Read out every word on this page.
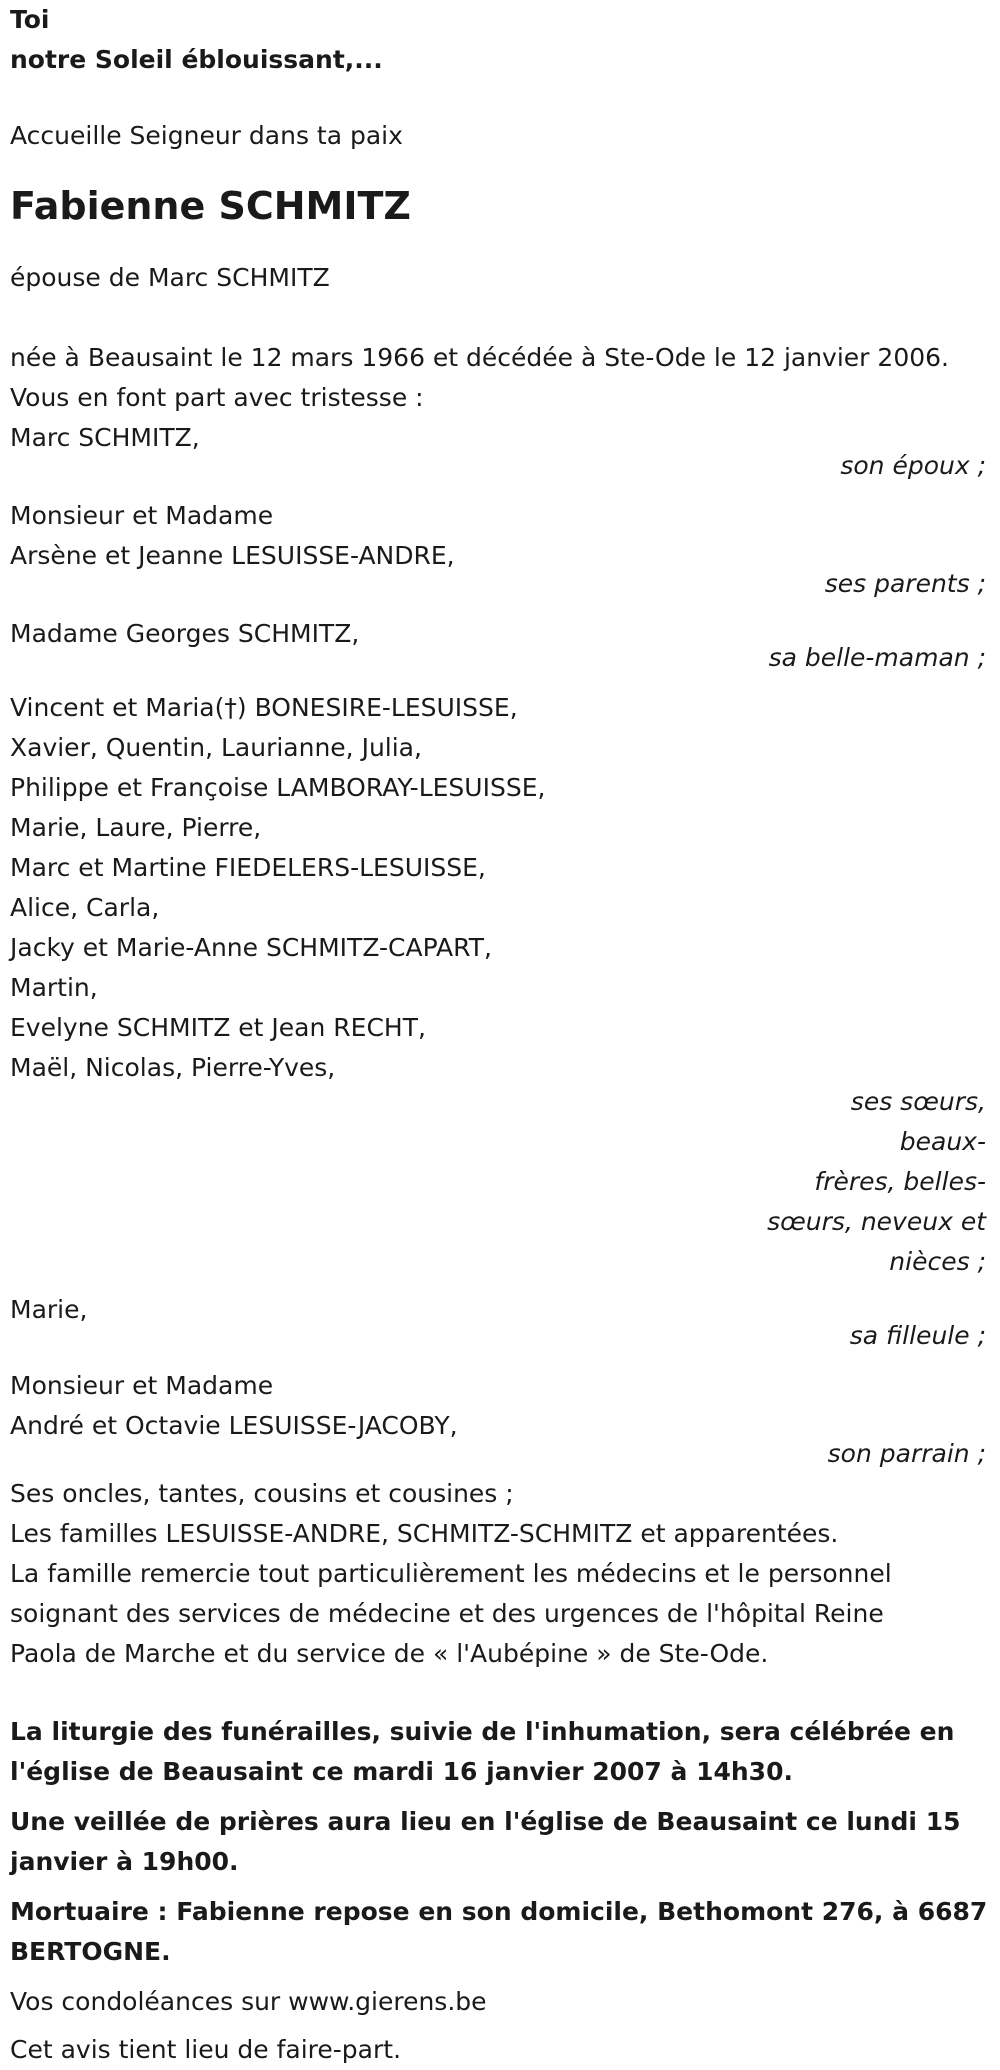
Toi

notre Soleil éblouissant,...

Accueille Seigneur dans ta paix

Fabienne SCHMITZ

épouse de Marc SCHMITZ

née à Beausaint le 12 mars 1966 et décédée à Ste-Ode le 12 janvier 2006.

Vous en font part avec tristesse :

Marc SCHMITZ,

son époux ;

Monsieur et Madame

Arsène et Jeanne LESUISSE-ANDRE,

ses parents ;

Madame Georges SCHMITZ,

sa belle-maman ;

Vincent et Maria(†) BONESIRE-LESUISSE,

Xavier, Quentin, Laurianne, Julia,

Philippe et Françoise LAMBORAY-LESUISSE,

Marie, Laure, Pierre,

Marc et Martine FIEDELERS-LESUISSE,

Alice, Carla,

Jacky et Marie-Anne SCHMITZ-CAPART,

Martin,

Evelyne SCHMITZ et Jean RECHT,

Maël, Nicolas, Pierre-Yves,

ses sœurs, beaux-

frères, belles-

sœurs, neveux et

nièces ;

Marie,

sa filleule ;

Monsieur et Madame

André et Octavie LESUISSE-JACOBY,

son parrain ;

Ses oncles, tantes, cousins et cousines ;

Les familles LESUISSE-ANDRE, SCHMITZ-SCHMITZ et apparentées.

La famille remercie tout particulièrement les médecins et le personnel

soignant des services de médecine et des urgences de l'hôpital Reine

Paola de Marche et du service de « l'Aubépine » de Ste-Ode.

La liturgie des funérailles, suivie de l'inhumation, sera célébrée en

l'église de Beausaint ce mardi 16 janvier 2007 à 14h30.

Une veillée de prières aura lieu en l'église de Beausaint ce lundi 15

janvier à 19h00.

Mortuaire : Fabienne repose en son domicile, Bethomont 276, à 6687

BERTOGNE.

Vos condoléances sur www.gierens.be

Cet avis tient lieu de faire-part.
